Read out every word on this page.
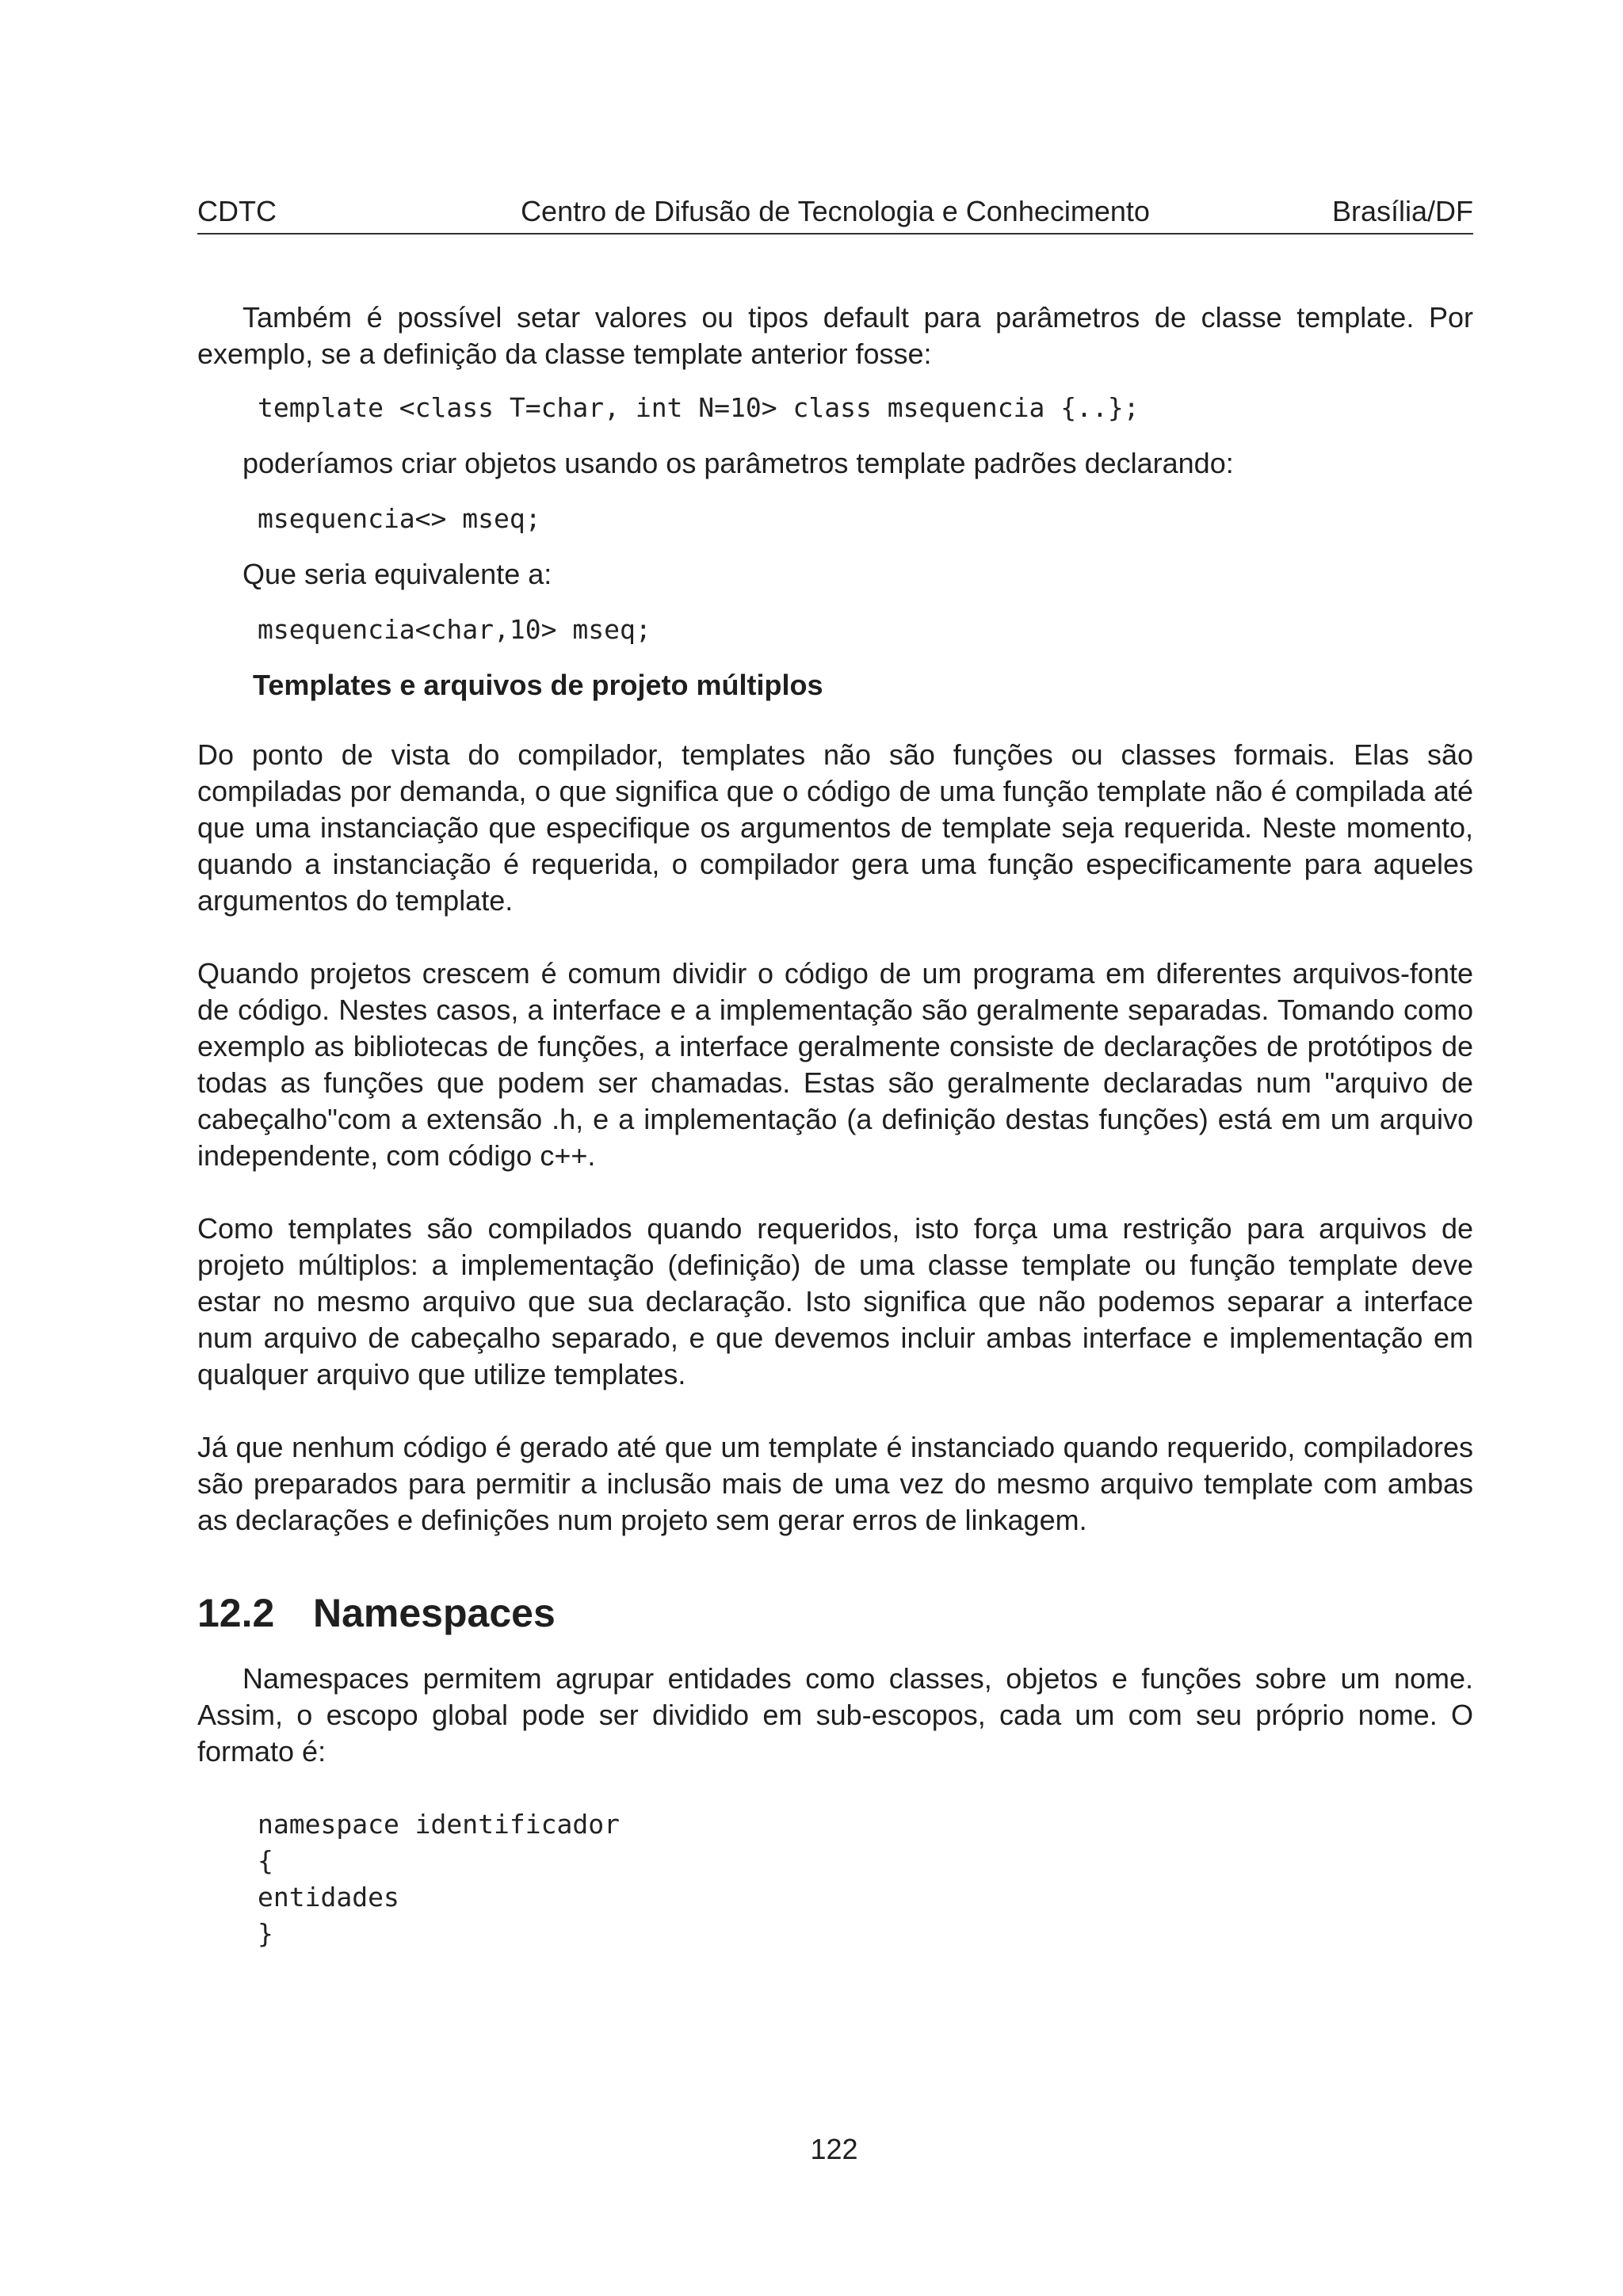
CDTC	Centro de Difusão de Tecnologia e Conhecimento	Brasília/DF

Também é possível setar valores ou tipos default para parâmetros de classe template. Por exemplo, se a definição da classe template anterior fosse:

template <class T=char, int N=10> class msequencia {..};

poderíamos criar objetos usando os parâmetros template padrões declarando:

msequencia<> mseq;

Que seria equivalente a:

msequencia<char,10> mseq;
Templates e arquivos de projeto múltiplos

Do ponto de vista do compilador, templates não são funções ou classes formais. Elas são compiladas por demanda, o que significa que o código de uma função template não é compilada até que uma instanciação que especifique os argumentos de template seja requerida. Neste momento, quando a instanciação é requerida, o compilador gera uma função especificamente para aqueles argumentos do template.

Quando projetos crescem é comum dividir o código de um programa em diferentes arquivos-fonte de código. Nestes casos, a interface e a implementação são geralmente separadas. Tomando como exemplo as bibliotecas de funções, a interface geralmente consiste de declarações de protótipos de todas as funções que podem ser chamadas. Estas são geralmente declaradas num "arquivo de cabeçalho"com a extensão .h, e a implementação (a definição destas funções) está em um arquivo independente, com código c++.

Como templates são compilados quando requeridos, isto força uma restrição para arquivos de projeto múltiplos: a implementação (definição) de uma classe template ou função template deve estar no mesmo arquivo que sua declaração. Isto significa que não podemos separar a interface num arquivo de cabeçalho separado, e que devemos incluir ambas interface e implementação em qualquer arquivo que utilize templates.

Já que nenhum código é gerado até que um template é instanciado quando requerido, compiladores são preparados para permitir a inclusão mais de uma vez do mesmo arquivo template com ambas as declarações e definições num projeto sem gerar erros de linkagem.

12.2 Namespaces

Namespaces permitem agrupar entidades como classes, objetos e funções sobre um nome. Assim, o escopo global pode ser dividido em sub-escopos, cada um com seu próprio nome. O formato é:

namespace identificador
{
entidades
}
122
